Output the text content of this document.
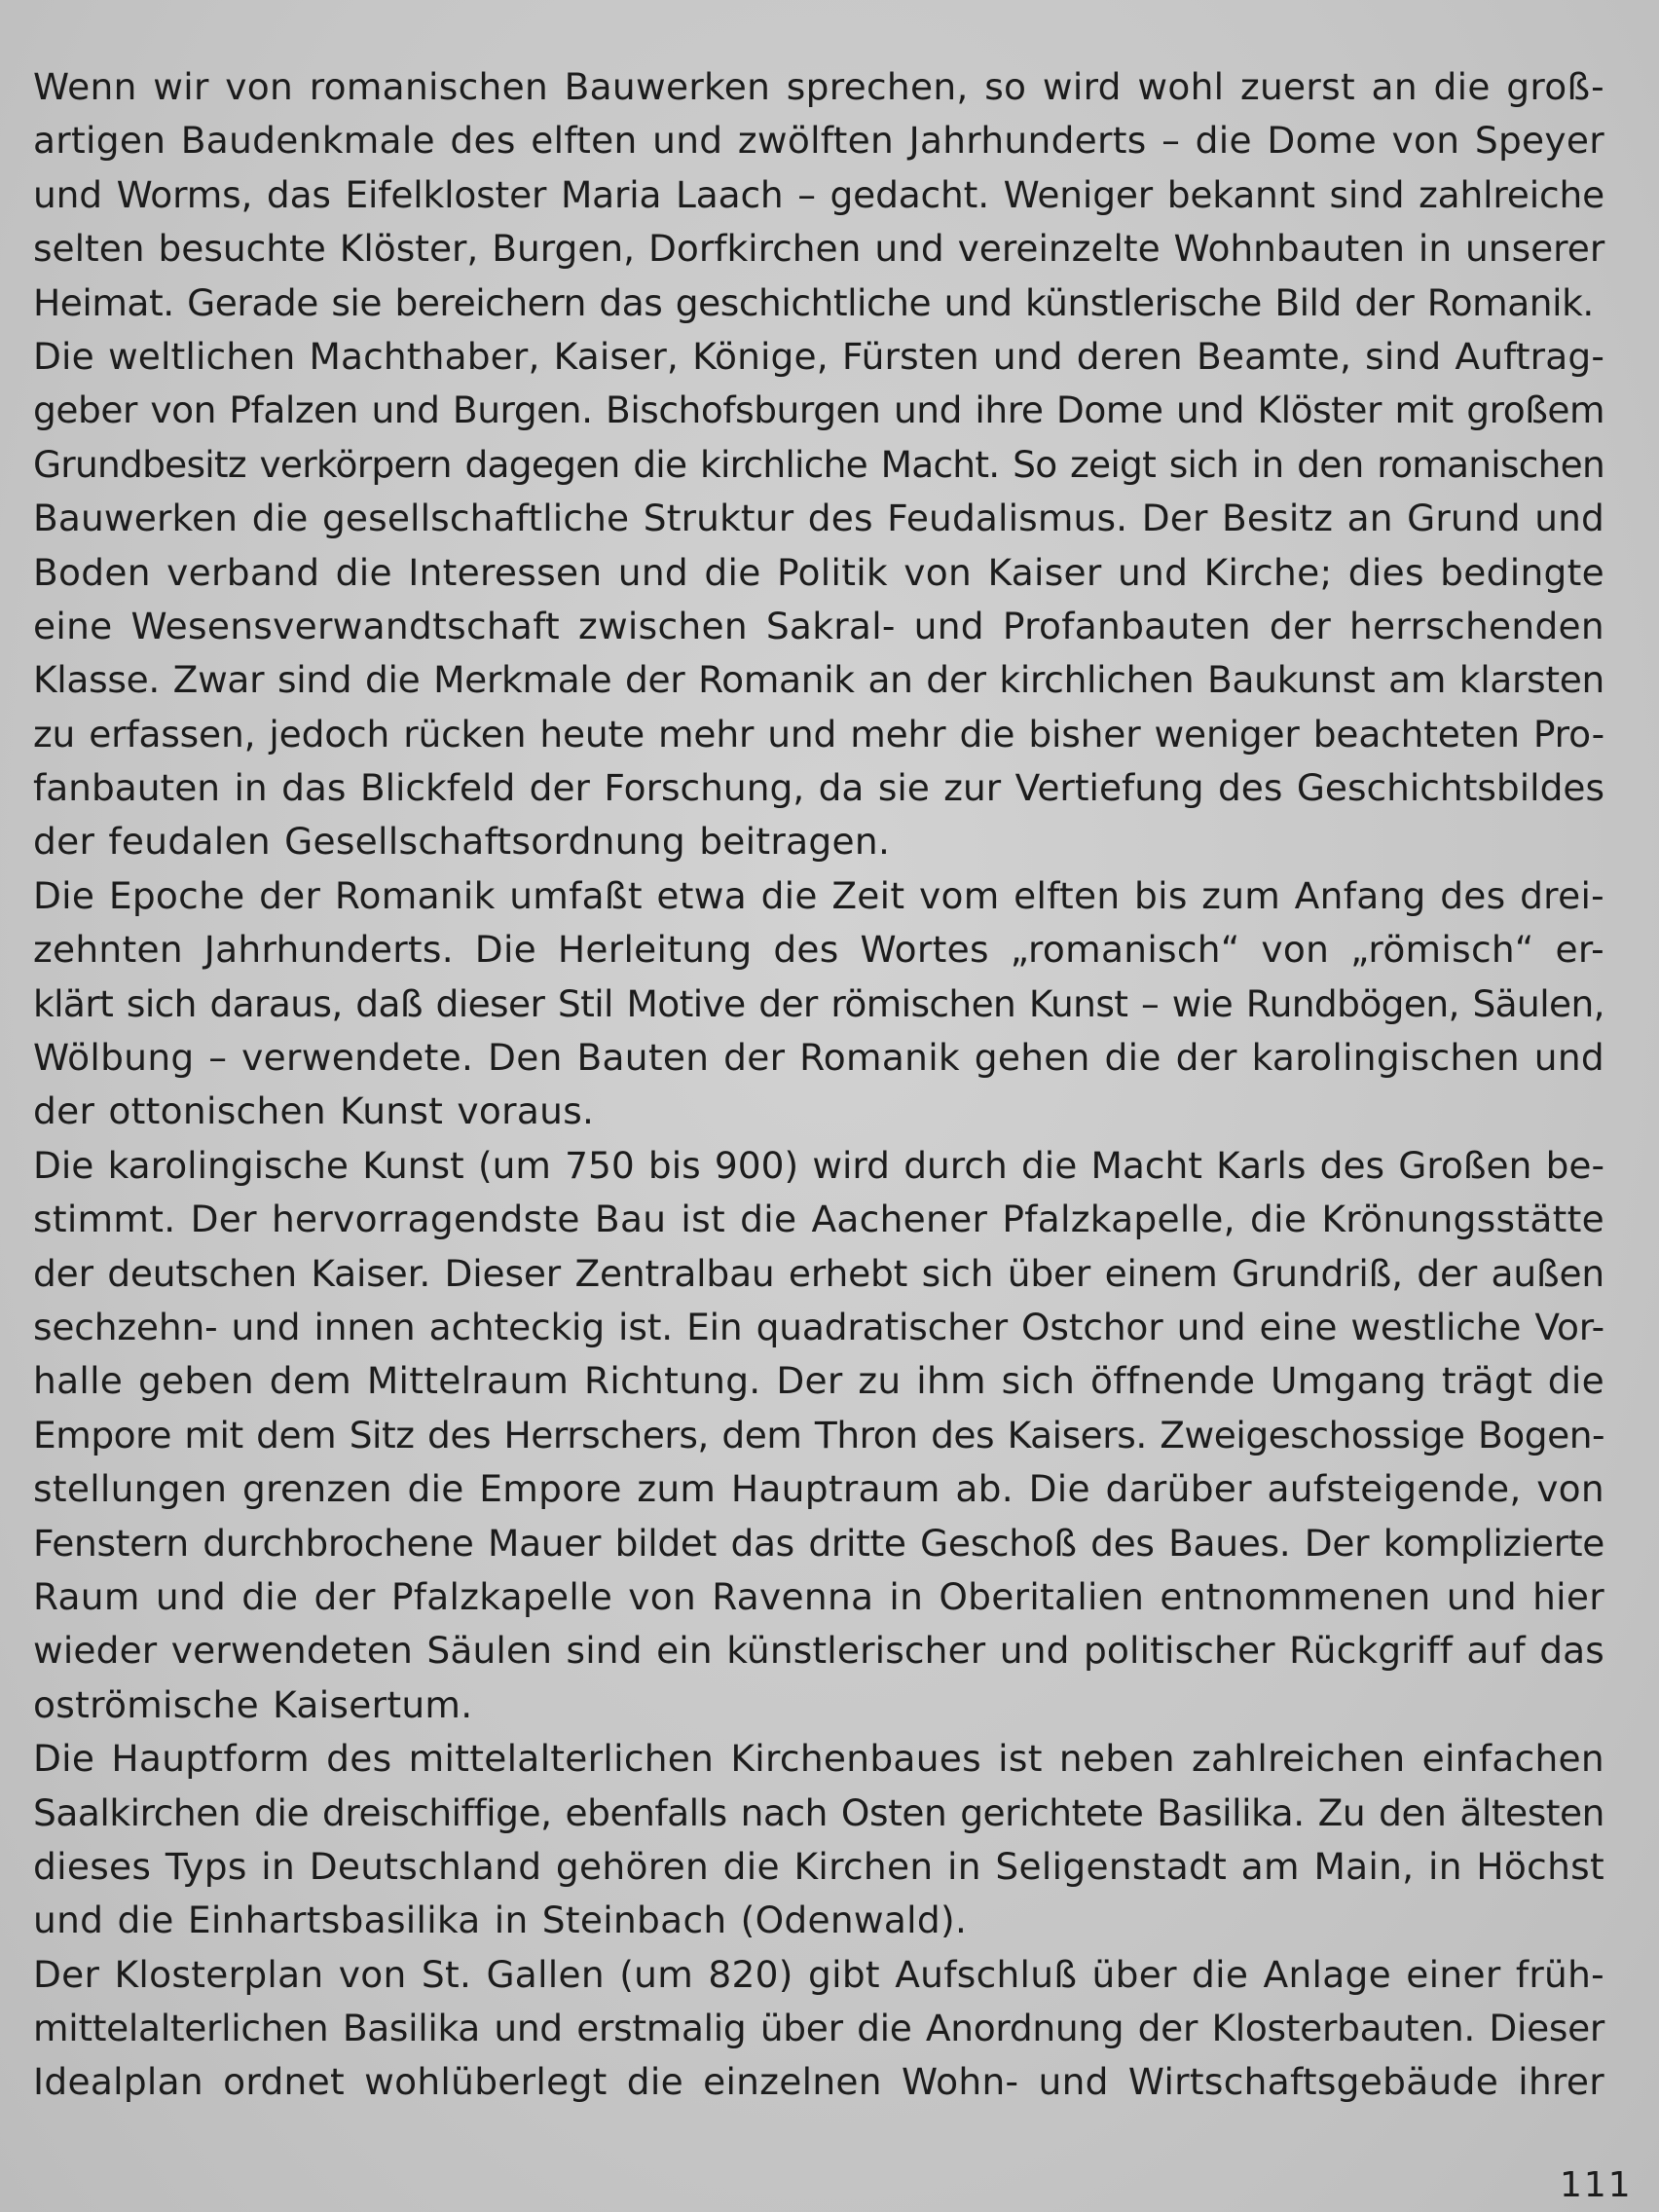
Wenn wir von romanischen Bauwerken sprechen, so wird wohl zuerst an die groß-
artigen Baudenkmale des elften und zwölften Jahrhunderts – die Dome von Speyer
und Worms, das Eifelkloster Maria Laach – gedacht. Weniger bekannt sind zahlreiche
selten besuchte Klöster, Burgen, Dorfkirchen und vereinzelte Wohnbauten in unserer
Heimat. Gerade sie bereichern das geschichtliche und künstlerische Bild der Romanik.
Die weltlichen Machthaber, Kaiser, Könige, Fürsten und deren Beamte, sind Auftrag-
geber von Pfalzen und Burgen. Bischofsburgen und ihre Dome und Klöster mit großem
Grundbesitz verkörpern dagegen die kirchliche Macht. So zeigt sich in den romanischen
Bauwerken die gesellschaftliche Struktur des Feudalismus. Der Besitz an Grund und
Boden verband die Interessen und die Politik von Kaiser und Kirche; dies bedingte
eine Wesensverwandtschaft zwischen Sakral- und Profanbauten der herrschenden
Klasse. Zwar sind die Merkmale der Romanik an der kirchlichen Baukunst am klarsten
zu erfassen, jedoch rücken heute mehr und mehr die bisher weniger beachteten Pro-
fanbauten in das Blickfeld der Forschung, da sie zur Vertiefung des Geschichtsbildes
der feudalen Gesellschaftsordnung beitragen.
Die Epoche der Romanik umfaßt etwa die Zeit vom elften bis zum Anfang des drei-
zehnten Jahrhunderts. Die Herleitung des Wortes „romanisch“ von „römisch“ er-
klärt sich daraus, daß dieser Stil Motive der römischen Kunst – wie Rundbögen, Säulen,
Wölbung – verwendete. Den Bauten der Romanik gehen die der karolingischen und
der ottonischen Kunst voraus.
Die karolingische Kunst (um 750 bis 900) wird durch die Macht Karls des Großen be-
stimmt. Der hervorragendste Bau ist die Aachener Pfalzkapelle, die Krönungsstätte
der deutschen Kaiser. Dieser Zentralbau erhebt sich über einem Grundriß, der außen
sechzehn- und innen achteckig ist. Ein quadratischer Ostchor und eine westliche Vor-
halle geben dem Mittelraum Richtung. Der zu ihm sich öffnende Umgang trägt die
Empore mit dem Sitz des Herrschers, dem Thron des Kaisers. Zweigeschossige Bogen-
stellungen grenzen die Empore zum Hauptraum ab. Die darüber aufsteigende, von
Fenstern durchbrochene Mauer bildet das dritte Geschoß des Baues. Der komplizierte
Raum und die der Pfalzkapelle von Ravenna in Oberitalien entnommenen und hier
wieder verwendeten Säulen sind ein künstlerischer und politischer Rückgriff auf das
oströmische Kaisertum.
Die Hauptform des mittelalterlichen Kirchenbaues ist neben zahlreichen einfachen
Saalkirchen die dreischiffige, ebenfalls nach Osten gerichtete Basilika. Zu den ältesten
dieses Typs in Deutschland gehören die Kirchen in Seligenstadt am Main, in Höchst
und die Einhartsbasilika in Steinbach (Odenwald).
Der Klosterplan von St. Gallen (um 820) gibt Aufschluß über die Anlage einer früh-
mittelalterlichen Basilika und erstmalig über die Anordnung der Klosterbauten. Dieser
Idealplan ordnet wohlüberlegt die einzelnen Wohn- und Wirtschaftsgebäude ihrer
111
